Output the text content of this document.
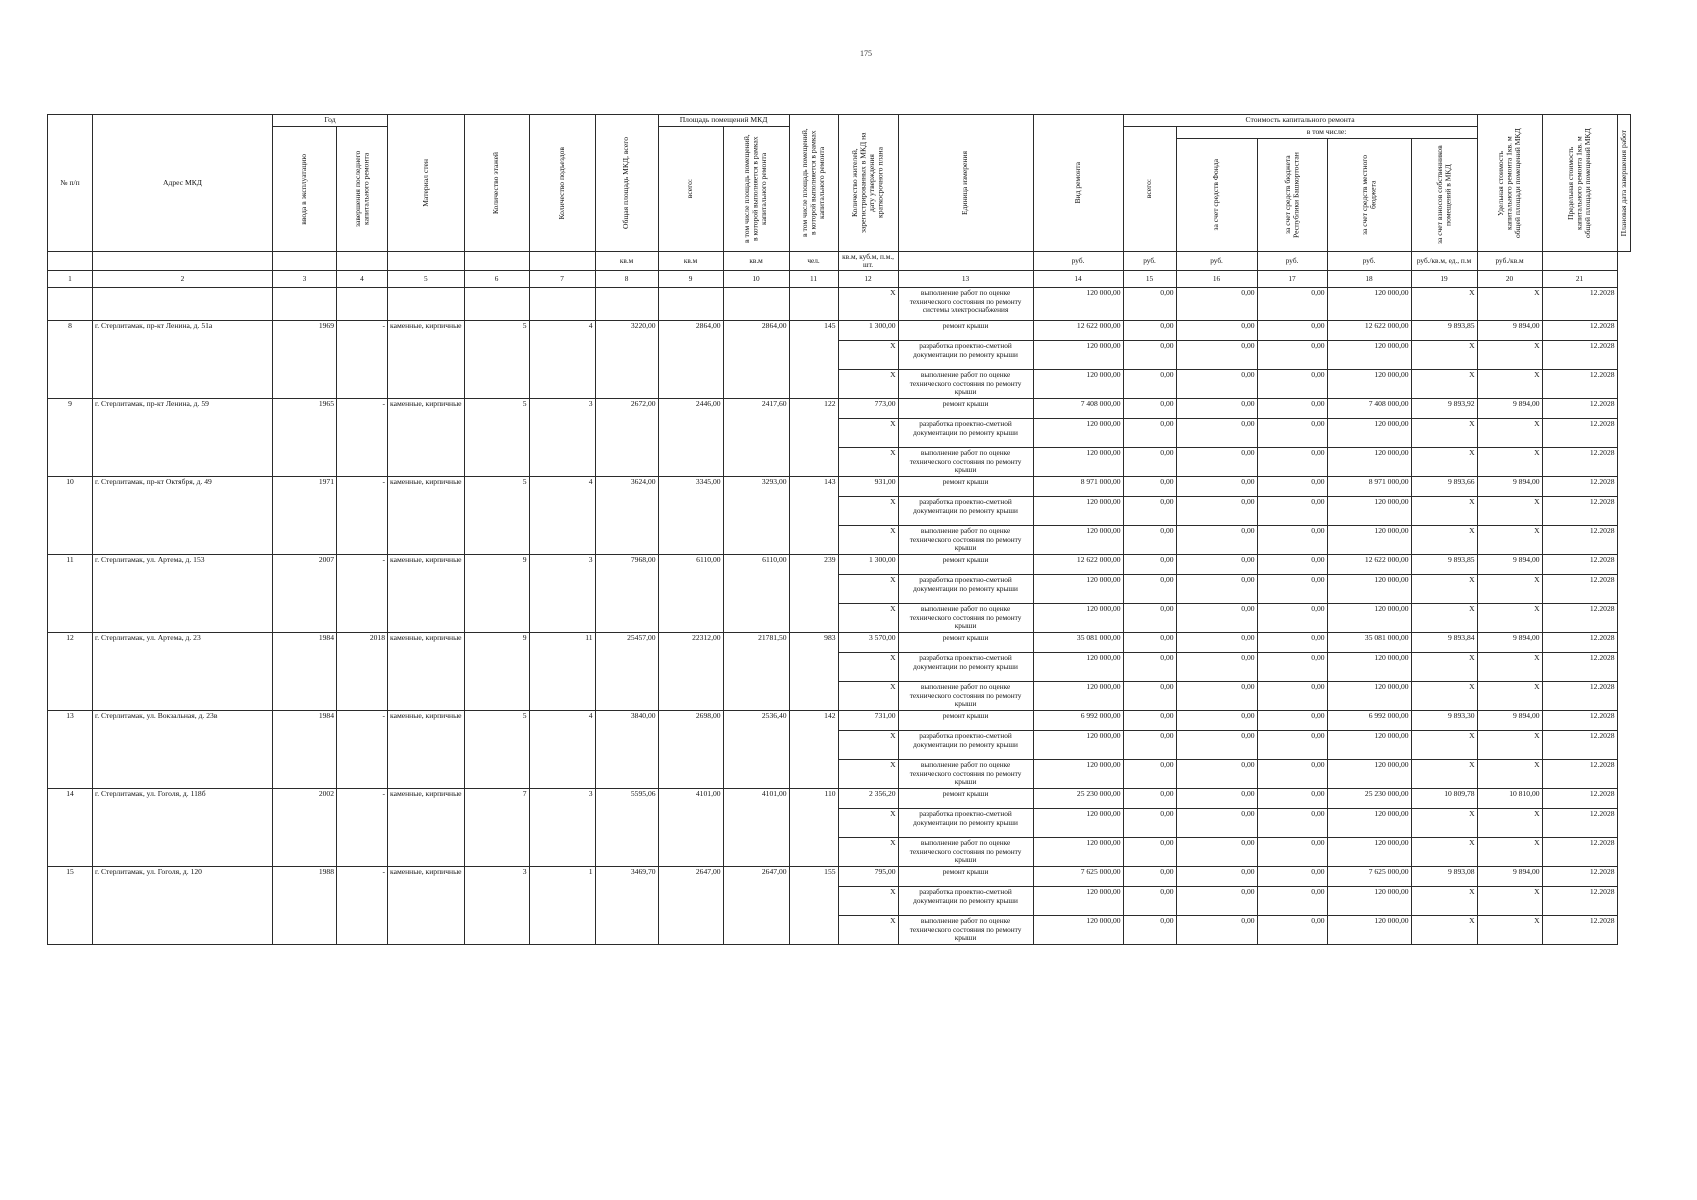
175
№ п/п	Адрес МКД	Год		Материал стен	Количество этажей	Количество подъездов	Общая площадь МКД, всего	Площадь помещений МКД		в том числе площадь помещений, в которой выполняется в рамках капитального ремонта	Количество жителей, зарегистрированных в МКД на дату утверждения краткосрочного плана	Единица измерения	Вид ремонта	Стоимость капитального ремонта					Удельная стоимость капитального ремонта 1кв. м общей площади помещений МКД	Предельная стоимость капитального ремонта 1кв. м общей площади помещений МКД	Плановая дата завершения работ

		ввода в эксплуатацию	завершения последнего капитального ремонта					всего:	в том числе площадь помещений, в которой выполняется в рамках капитального ремонта					всего:	в том числе:						

															за счет средств Фонда	за счет средств бюджета Республики Башкортостан	за счет средств местного бюджета	за счет взносов собственников помещений в МКД			

							кв.м	кв.м	кв.м	чел.	кв.м, куб.м, п.м., шт.		руб.	руб.	руб.	руб.	руб.	руб./кв.м, ед., п.м	руб./кв.м		
1	2	3	4	5	6	7	8	9	10	11	12	13	14	15	16	17	18	19	20	21	
											X	выполнение работ по оценке технического состояния по ремонту системы электроснабжения	120 000,00	0,00	0,00	0,00	120 000,00	X	X	12.2028	
8	г. Стерлитамак, пр-кт Ленина, д. 51а	1969	-	каменные, кирпичные	5	4	3220,00	2864,00	2864,00	145	1 300,00	ремонт крыши	12 622 000,00	0,00	0,00	0,00	12 622 000,00	9 893,85	9 894,00	12.2028	
											X	разработка проектно-сметной документации по ремонту крыши	120 000,00	0,00	0,00	0,00	120 000,00	X	X	12.2028	
											X	выполнение работ по оценке технического состояния по ремонту крыши	120 000,00	0,00	0,00	0,00	120 000,00	X	X	12.2028	
9	г. Стерлитамак, пр-кт Ленина, д. 59	1965	-	каменные, кирпичные	5	3	2672,00	2446,00	2417,60	122	773,00	ремонт крыши	7 408 000,00	0,00	0,00	0,00	7 408 000,00	9 893,92	9 894,00	12.2028	
											X	разработка проектно-сметной документации по ремонту крыши	120 000,00	0,00	0,00	0,00	120 000,00	X	X	12.2028	
											X	выполнение работ по оценке технического состояния по ремонту крыши	120 000,00	0,00	0,00	0,00	120 000,00	X	X	12.2028	
10	г. Стерлитамак, пр-кт Октября, д. 49	1971	-	каменные, кирпичные	5	4	3624,00	3345,00	3293,00	143	931,00	ремонт крыши	8 971 000,00	0,00	0,00	0,00	8 971 000,00	9 893,66	9 894,00	12.2028	
											X	разработка проектно-сметной документации по ремонту крыши	120 000,00	0,00	0,00	0,00	120 000,00	X	X	12.2028	
											X	выполнение работ по оценке технического состояния по ремонту крыши	120 000,00	0,00	0,00	0,00	120 000,00	X	X	12.2028	
11	г. Стерлитамак, ул. Артема, д. 153	2007	-	каменные, кирпичные	9	3	7968,00	6110,00	6110,00	239	1 300,00	ремонт крыши	12 622 000,00	0,00	0,00	0,00	12 622 000,00	9 893,85	9 894,00	12.2028	
											X	разработка проектно-сметной документации по ремонту крыши	120 000,00	0,00	0,00	0,00	120 000,00	X	X	12.2028	
											X	выполнение работ по оценке технического состояния по ремонту крыши	120 000,00	0,00	0,00	0,00	120 000,00	X	X	12.2028	
12	г. Стерлитамак, ул. Артема, д. 23	1984	2018	каменные, кирпичные	9	11	25457,00	22312,00	21781,50	983	3 570,00	ремонт крыши	35 081 000,00	0,00	0,00	0,00	35 081 000,00	9 893,84	9 894,00	12.2028	
											X	разработка проектно-сметной документации по ремонту крыши	120 000,00	0,00	0,00	0,00	120 000,00	X	X	12.2028	
											X	выполнение работ по оценке технического состояния по ремонту крыши	120 000,00	0,00	0,00	0,00	120 000,00	X	X	12.2028	
13	г. Стерлитамак, ул. Вокзальная, д. 23в	1984	-	каменные, кирпичные	5	4	3840,00	2698,00	2536,40	142	731,00	ремонт крыши	6 992 000,00	0,00	0,00	0,00	6 992 000,00	9 893,30	9 894,00	12.2028	
											X	разработка проектно-сметной документации по ремонту крыши	120 000,00	0,00	0,00	0,00	120 000,00	X	X	12.2028	
											X	выполнение работ по оценке технического состояния по ремонту крыши	120 000,00	0,00	0,00	0,00	120 000,00	X	X	12.2028	
14	г. Стерлитамак, ул. Гоголя, д. 118б	2002	-	каменные, кирпичные	7	3	5595,06	4101,00	4101,00	110	2 356,20	ремонт крыши	25 230 000,00	0,00	0,00	0,00	25 230 000,00	10 809,78	10 810,00	12.2028	
											X	разработка проектно-сметной документации по ремонту крыши	120 000,00	0,00	0,00	0,00	120 000,00	X	X	12.2028	
											X	выполнение работ по оценке технического состояния по ремонту крыши	120 000,00	0,00	0,00	0,00	120 000,00	X	X	12.2028	
15	г. Стерлитамак, ул. Гоголя, д. 120	1988	-	каменные, кирпичные	3	1	3469,70	2647,00	2647,00	155	795,00	ремонт крыши	7 625 000,00	0,00	0,00	0,00	7 625 000,00	9 893,08	9 894,00	12.2028	
											X	разработка проектно-сметной документации по ремонту крыши	120 000,00	0,00	0,00	0,00	120 000,00	X	X	12.2028	
											X	выполнение работ по оценке технического состояния по ремонту крыши	120 000,00	0,00	0,00	0,00	120 000,00	X	X	12.2028	
